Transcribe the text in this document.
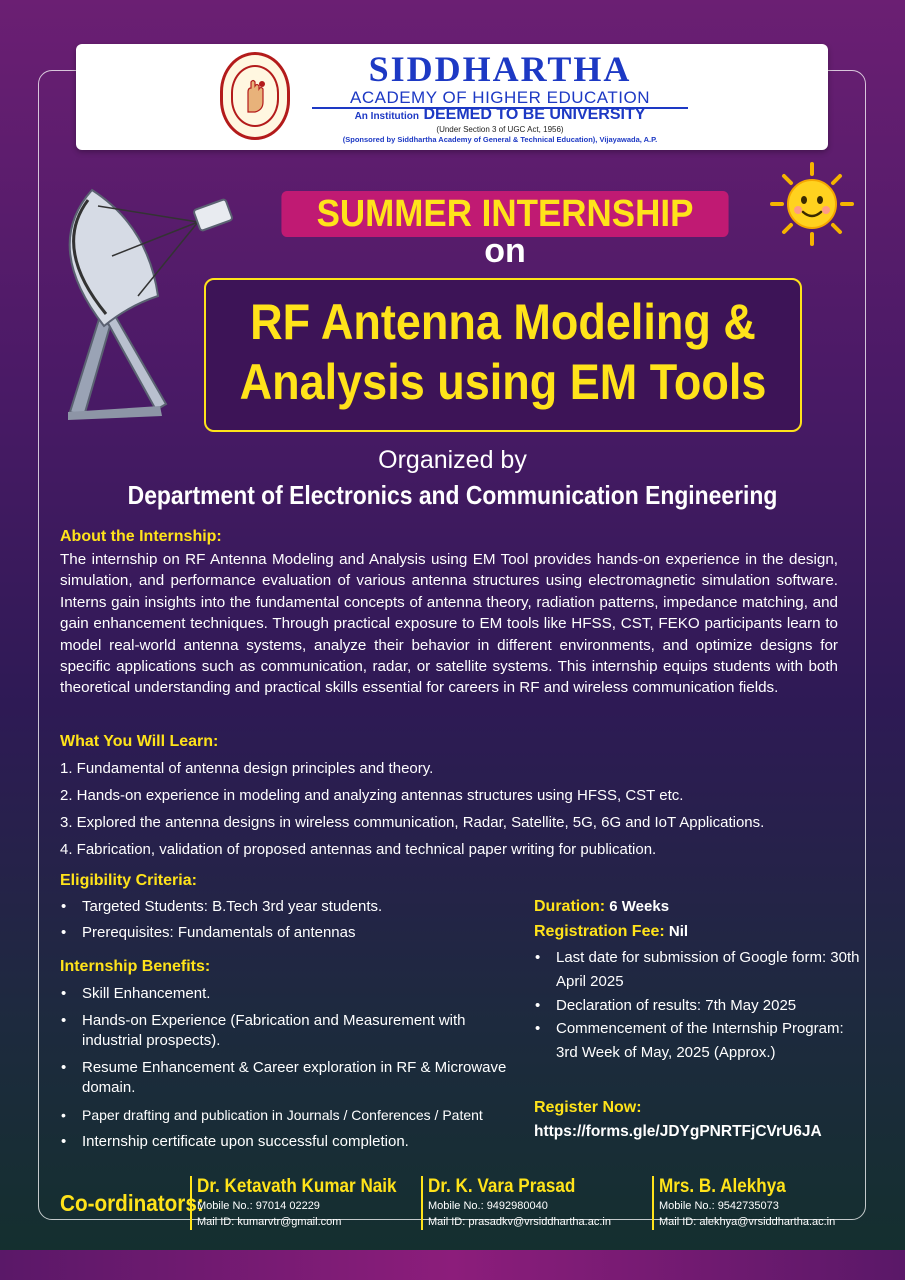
SIDDHARTHA
ACADEMY OF HIGHER EDUCATION
An Institution DEEMED TO BE UNIVERSITY
(Under Section 3 of UGC Act, 1956)
(Sponsored by Siddhartha Academy of General & Technical Education), Vijayawada, A.P.
SUMMER INTERNSHIP
on
RF Antenna Modeling &
Analysis using EM Tools
Organized by
Department of Electronics and Communication Engineering
About the Internship:

The internship on RF Antenna Modeling and Analysis using EM Tool provides hands-on experience in the design, simulation, and performance evaluation of various antenna structures using electromagnetic simulation software. Interns gain insights into the fundamental concepts of antenna theory, radiation patterns, impedance matching, and gain enhancement techniques. Through practical exposure to EM tools like HFSS, CST, FEKO participants learn to model real-world antenna systems, analyze their behavior in different environments, and optimize designs for specific applications such as communication, radar, or satellite systems. This internship equips students with both theoretical understanding and practical skills essential for careers in RF and wireless communication fields.

What You Will Learn:
1. Fundamental of antenna design principles and theory.
2. Hands-on experience in modeling and analyzing antennas structures using HFSS, CST etc.
3. Explored the antenna designs in wireless communication, Radar, Satellite, 5G, 6G and IoT Applications.
4. Fabrication, validation of proposed antennas and technical paper writing for publication.
Eligibility Criteria:
• Targeted Students: B.Tech 3rd year students.
• Prerequisites: Fundamentals of antennas
Internship Benefits:
• Skill Enhancement.
• Hands-on Experience (Fabrication and Measurement with industrial prospects).
• Resume Enhancement & Career exploration in RF & Microwave domain.
• Paper drafting and publication in Journals / Conferences / Patent
• Internship certificate upon successful completion.
Duration: 6 Weeks
Registration Fee: Nil
• Last date for submission of Google form: 30th April 2025
• Declaration of results: 7th May 2025
• Commencement of the Internship Program: 3rd Week of May, 2025 (Approx.)
Register Now:
https://forms.gle/JDYgPNRTFjCVrU6JA
Co-ordinators:
Dr. Ketavath Kumar Naik
Mobile No.: 97014 02229
Mail ID: kumarvtr@gmail.com
Dr. K. Vara Prasad
Mobile No.: 9492980040
Mail ID: prasadkv@vrsiddhartha.ac.in
Mrs. B. Alekhya
Mobile No.: 9542735073
Mail ID: alekhya@vrsiddhartha.ac.in
